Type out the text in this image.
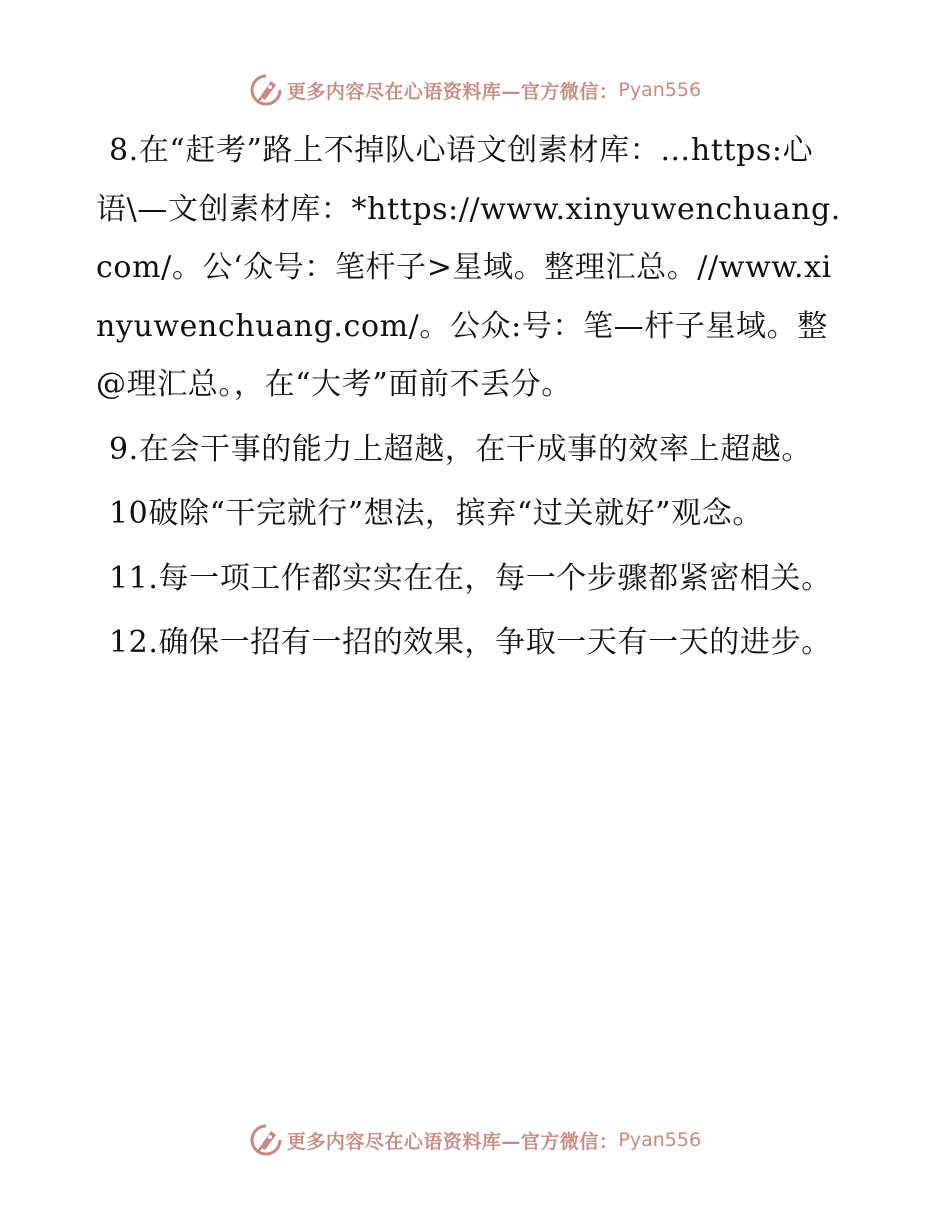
更多内容尽在心语资料库—官方微信： Pyan556

8.在“赶考”路上不掉队心语文创素材库：…https:心语\—文创素材库：*https://www.xinyuwenchuang.com/。公‘众号：笔杆子>星域。整理汇总。//www.xinyuwenchuang.com/。公众:号：笔—杆子星域。整@理汇总。，在“大考”面前不丢分。

9.在会干事的能力上超越，在干成事的效率上超越。

10破除“干完就行”想法，摈弃“过关就好”观念。

11.每一项工作都实实在在，每一个步骤都紧密相关。

12.确保一招有一招的效果，争取一天有一天的进步。

更多内容尽在心语资料库—官方微信： Pyan556
